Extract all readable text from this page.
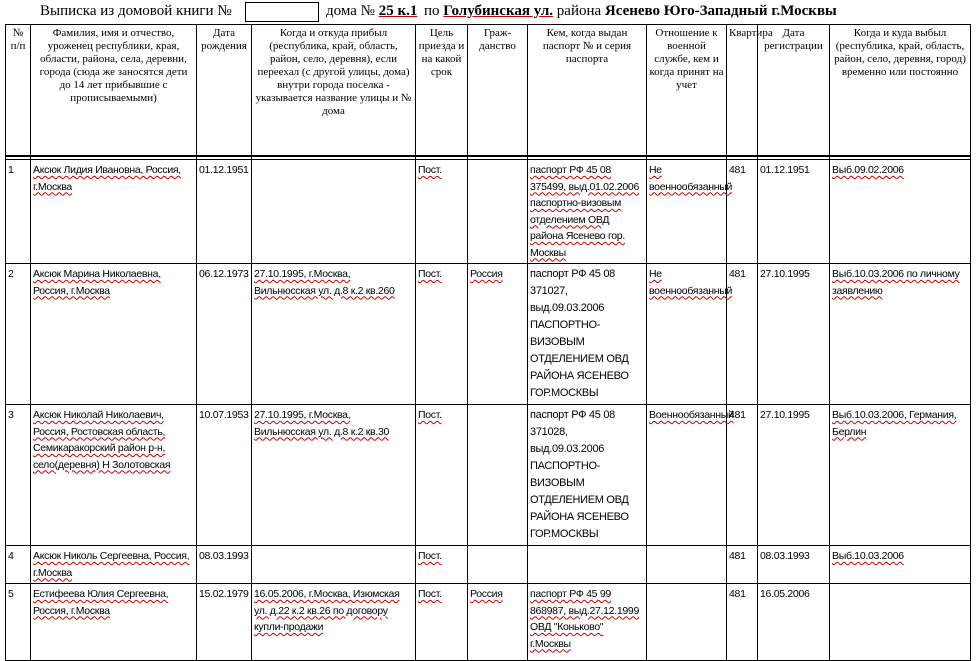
Выписка из домовой книги №	дома № 25 к.1 по Голубинская ул. района Ясенево Юго-Западный г.Москвы
№ п/п	Фамилия, имя и отчество, уроженец республики, края, области, района, села, деревни, города (сюда же заносятся дети до 14 лет прибывшие с прописываемыми)	Дата рождения	Когда и откуда прибыл (республика, край, область, район, село, деревня), если переехал (с другой улицы, дома) внутри города поселка - указывается название улицы и № дома	Цель приезда и на какой срок	Граж-данство	Кем, когда выдан паспорт № и серия паспорта	Отношение к военной службе, кем и когда принят на учет	Квартира	Дата регистрации	Когда и куда выбыл (республика, край, область, район, село, деревня, город) временно или постоянно

1	Аксюк Лидия Ивановна, Россия, г.Москва	01.12.1951		Пост.		паспорт РФ 45 08 375499, выд.01.02.2006 паспортно-визовым отделением ОВД района Ясенево гор. Москвы	Не военнообязанный	481	01.12.1951	Выб.09.02.2006
2	Аксюк Марина Николаевна, Россия, г.Москва	06.12.1973	27.10.1995, г.Москва, Вильнюсская ул. д.8 к.2 кв.260	Пост.	Россия	паспорт РФ 45 08 371027, выд.09.03.2006 ПАСПОРТНО-ВИЗОВЫМ ОТДЕЛЕНИЕМ ОВД РАЙОНА ЯСЕНЕВО ГОР.МОСКВЫ	Не военнообязанный	481	27.10.1995	Выб.10.03.2006 по личному заявлению
3	Аксюк Николай Николаевич, Россия, Ростовская область, Семикаракорский район р-н, село(деревня) Н Золотовская	10.07.1953	27.10.1995, г.Москва, Вильнюсская ул. д.8 к.2 кв.30	Пост.		паспорт РФ 45 08 371028, выд.09.03.2006 ПАСПОРТНО-ВИЗОВЫМ ОТДЕЛЕНИЕМ ОВД РАЙОНА ЯСЕНЕВО ГОР.МОСКВЫ	Военнообязанный	481	27.10.1995	Выб.10.03.2006, Германия, Берлин
4	Аксюк Николь Сергеевна, Россия, г.Москва	08.03.1993		Пост.				481	08.03.1993	Выб.10.03.2006
5	Естифеева Юлия Сергеевна, Россия, г.Москва	15.02.1979	16.05.2006, г.Москва, Изюмская ул. д.22 к.2 кв.26 по договору купли-продажи	Пост.	Россия	паспорт РФ 45 99 868987, выд.27.12.1999 ОВД "Коньково" г.Москвы		481	16.05.2006	
